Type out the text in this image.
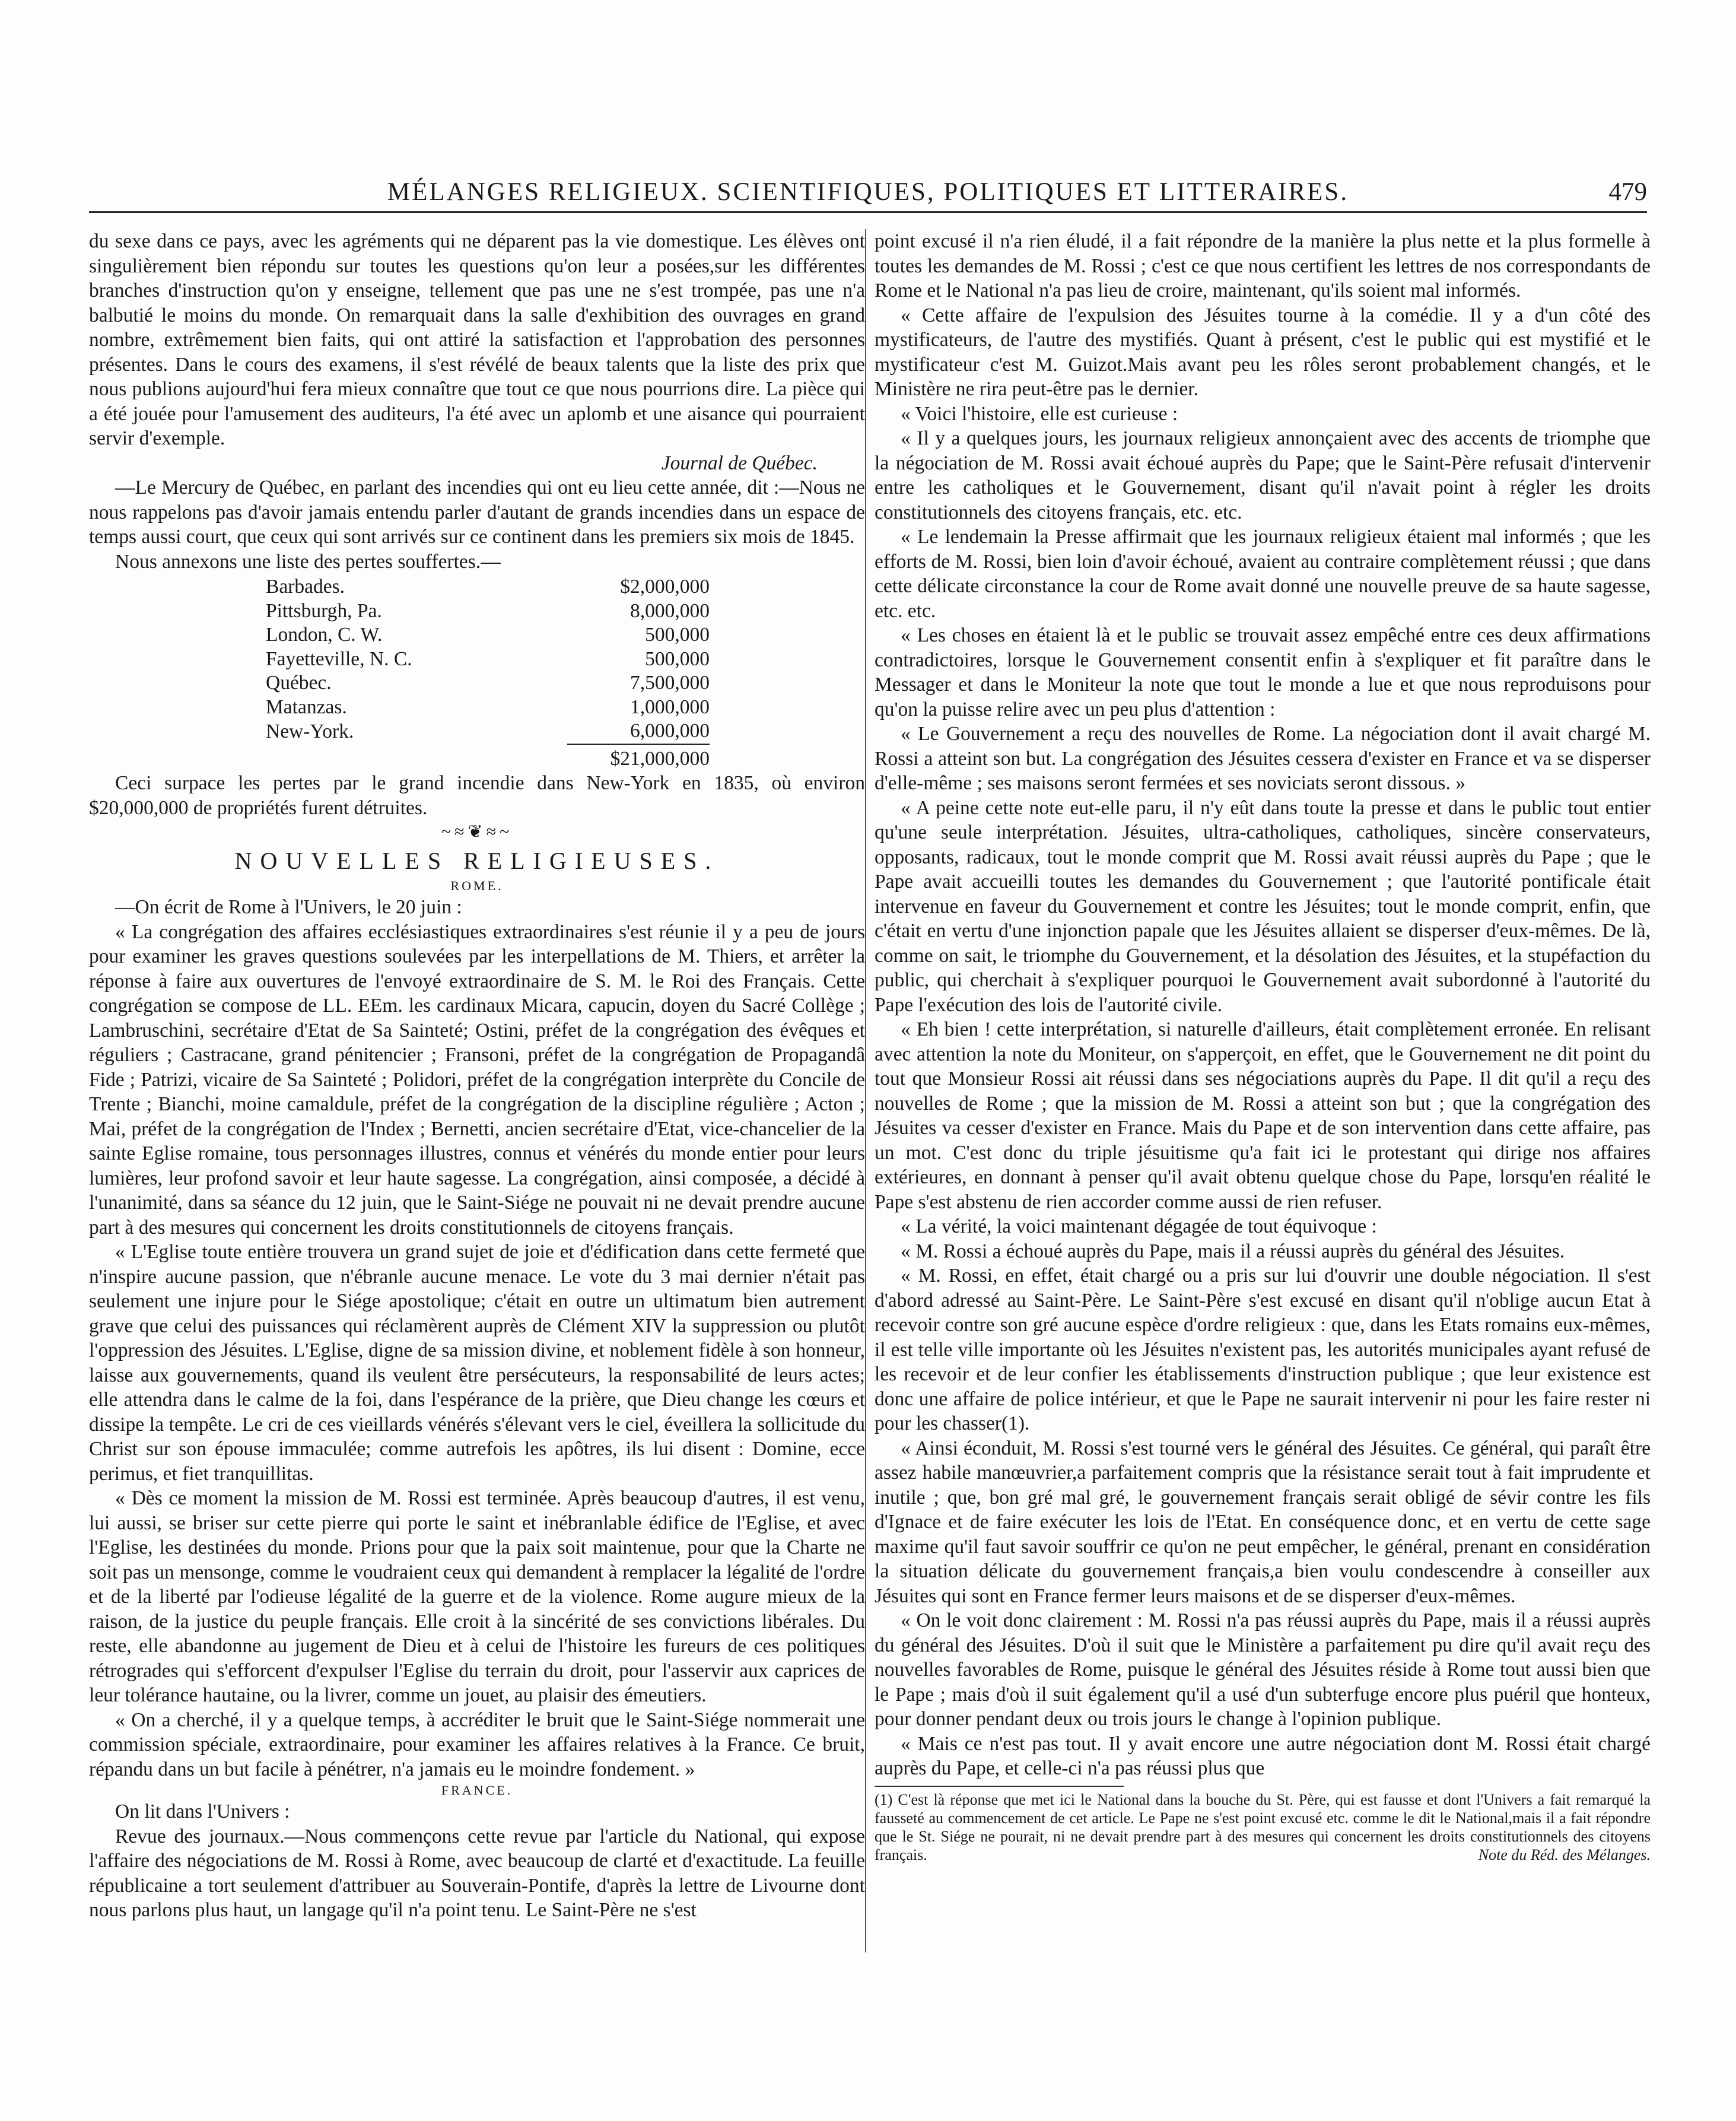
MÉLANGES RELIGIEUX. SCIENTIFIQUES, POLITIQUES ET LITTERAIRES.	479

du sexe dans ce pays, avec les agréments qui ne déparent pas la vie domestique. Les élèves ont singulièrement bien répondu sur toutes les questions qu'on leur a posées,sur les différentes branches d'instruction qu'on y enseigne, tellement que pas une ne s'est trompée, pas une n'a balbutié le moins du monde. On remarquait dans la salle d'exhibition des ouvrages en grand nombre, extrêmement bien faits, qui ont attiré la satisfaction et l'approbation des personnes présentes. Dans le cours des examens, il s'est révélé de beaux talents que la liste des prix que nous publions aujourd'hui fera mieux connaître que tout ce que nous pourrions dire. La pièce qui a été jouée pour l'amusement des auditeurs, l'a été avec un aplomb et une aisance qui pourraient servir d'exemple.

Journal de Québec.

—Le Mercury de Québec, en parlant des incendies qui ont eu lieu cette année, dit :—Nous ne nous rappelons pas d'avoir jamais entendu parler d'autant de grands incendies dans un espace de temps aussi court, que ceux qui sont arrivés sur ce continent dans les premiers six mois de 1845.

Nous annexons une liste des pertes souffertes.—

Barbades.	$2,000,000
Pittsburgh, Pa.	8,000,000
London, C. W.	500,000
Fayetteville, N. C.	500,000
Québec.	7,500,000
Matanzas.	1,000,000
New-York.	6,000,000
	$21,000,000

Ceci surpace les pertes par le grand incendie dans New-York en 1835, où environ $20,000,000 de propriétés furent détruites.

~≈❦≈~
NOUVELLES RELIGIEUSES.
ROME.

—On écrit de Rome à l'Univers, le 20 juin :

« La congrégation des affaires ecclésiastiques extraordinaires s'est réunie il y a peu de jours pour examiner les graves questions soulevées par les interpellations de M. Thiers, et arrêter la réponse à faire aux ouvertures de l'envoyé extraordinaire de S. M. le Roi des Français. Cette congrégation se compose de LL. EEm. les cardinaux Micara, capucin, doyen du Sacré Collège ; Lambruschini, secrétaire d'Etat de Sa Sainteté; Ostini, préfet de la congrégation des évêques et réguliers ; Castracane, grand pénitencier ; Fransoni, préfet de la congrégation de Propagandâ Fide ; Patrizi, vicaire de Sa Sainteté ; Polidori, préfet de la congrégation interprète du Concile de Trente ; Bianchi, moine camaldule, préfet de la congrégation de la discipline régulière ; Acton ; Mai, préfet de la congrégation de l'Index ; Bernetti, ancien secrétaire d'Etat, vice-chancelier de la sainte Eglise romaine, tous personnages illustres, connus et vénérés du monde entier pour leurs lumières, leur profond savoir et leur haute sagesse. La congrégation, ainsi composée, a décidé à l'unanimité, dans sa séance du 12 juin, que le Saint-Siége ne pouvait ni ne devait prendre aucune part à des mesures qui concernent les droits constitutionnels de citoyens français.

« L'Eglise toute entière trouvera un grand sujet de joie et d'édification dans cette fermeté que n'inspire aucune passion, que n'ébranle aucune menace. Le vote du 3 mai dernier n'était pas seulement une injure pour le Siége apostolique; c'était en outre un ultimatum bien autrement grave que celui des puissances qui réclamèrent auprès de Clément XIV la suppression ou plutôt l'oppression des Jésuites. L'Eglise, digne de sa mission divine, et noblement fidèle à son honneur, laisse aux gouvernements, quand ils veulent être persécuteurs, la responsabilité de leurs actes; elle attendra dans le calme de la foi, dans l'espérance de la prière, que Dieu change les cœurs et dissipe la tempête. Le cri de ces vieillards vénérés s'élevant vers le ciel, éveillera la sollicitude du Christ sur son épouse immaculée; comme autrefois les apôtres, ils lui disent : Domine, ecce perimus, et fiet tranquillitas.

« Dès ce moment la mission de M. Rossi est terminée. Après beaucoup d'autres, il est venu, lui aussi, se briser sur cette pierre qui porte le saint et inébranlable édifice de l'Eglise, et avec l'Eglise, les destinées du monde. Prions pour que la paix soit maintenue, pour que la Charte ne soit pas un mensonge, comme le voudraient ceux qui demandent à remplacer la légalité de l'ordre et de la liberté par l'odieuse légalité de la guerre et de la violence. Rome augure mieux de la raison, de la justice du peuple français. Elle croit à la sincérité de ses convictions libérales. Du reste, elle abandonne au jugement de Dieu et à celui de l'histoire les fureurs de ces politiques rétrogrades qui s'efforcent d'expulser l'Eglise du terrain du droit, pour l'asservir aux caprices de leur tolérance hautaine, ou la livrer, comme un jouet, au plaisir des émeutiers.

« On a cherché, il y a quelque temps, à accréditer le bruit que le Saint-Siége nommerait une commission spéciale, extraordinaire, pour examiner les affaires relatives à la France. Ce bruit, répandu dans un but facile à pénétrer, n'a jamais eu le moindre fondement. »

FRANCE.

On lit dans l'Univers :

Revue des journaux.—Nous commençons cette revue par l'article du National, qui expose l'affaire des négociations de M. Rossi à Rome, avec beaucoup de clarté et d'exactitude. La feuille républicaine a tort seulement d'attribuer au Souverain-Pontife, d'après la lettre de Livourne dont nous parlons plus haut, un langage qu'il n'a point tenu. Le Saint-Père ne s'est

point excusé il n'a rien éludé, il a fait répondre de la manière la plus nette et la plus formelle à toutes les demandes de M. Rossi ; c'est ce que nous certifient les lettres de nos correspondants de Rome et le National n'a pas lieu de croire, maintenant, qu'ils soient mal informés.

« Cette affaire de l'expulsion des Jésuites tourne à la comédie. Il y a d'un côté des mystificateurs, de l'autre des mystifiés. Quant à présent, c'est le public qui est mystifié et le mystificateur c'est M. Guizot.Mais avant peu les rôles seront probablement changés, et le Ministère ne rira peut-être pas le dernier.

« Voici l'histoire, elle est curieuse :

« Il y a quelques jours, les journaux religieux annonçaient avec des accents de triomphe que la négociation de M. Rossi avait échoué auprès du Pape; que le Saint-Père refusait d'intervenir entre les catholiques et le Gouvernement, disant qu'il n'avait point à régler les droits constitutionnels des citoyens français, etc. etc.

« Le lendemain la Presse affirmait que les journaux religieux étaient mal informés ; que les efforts de M. Rossi, bien loin d'avoir échoué, avaient au contraire complètement réussi ; que dans cette délicate circonstance la cour de Rome avait donné une nouvelle preuve de sa haute sagesse, etc. etc.

« Les choses en étaient là et le public se trouvait assez empêché entre ces deux affirmations contradictoires, lorsque le Gouvernement consentit enfin à s'expliquer et fit paraître dans le Messager et dans le Moniteur la note que tout le monde a lue et que nous reproduisons pour qu'on la puisse relire avec un peu plus d'attention :

« Le Gouvernement a reçu des nouvelles de Rome. La négociation dont il avait chargé M. Rossi a atteint son but. La congrégation des Jésuites cessera d'exister en France et va se disperser d'elle-même ; ses maisons seront fermées et ses noviciats seront dissous. »

« A peine cette note eut-elle paru, il n'y eût dans toute la presse et dans le public tout entier qu'une seule interprétation. Jésuites, ultra-catholiques, catholiques, sincère conservateurs, opposants, radicaux, tout le monde comprit que M. Rossi avait réussi auprès du Pape ; que le Pape avait accueilli toutes les demandes du Gouvernement ; que l'autorité pontificale était intervenue en faveur du Gouvernement et contre les Jésuites; tout le monde comprit, enfin, que c'était en vertu d'une injonction papale que les Jésuites allaient se disperser d'eux-mêmes. De là, comme on sait, le triomphe du Gouvernement, et la désolation des Jésuites, et la stupéfaction du public, qui cherchait à s'expliquer pourquoi le Gouvernement avait subordonné à l'autorité du Pape l'exécution des lois de l'autorité civile.

« Eh bien ! cette interprétation, si naturelle d'ailleurs, était complètement erronée. En relisant avec attention la note du Moniteur, on s'apperçoit, en effet, que le Gouvernement ne dit point du tout que Monsieur Rossi ait réussi dans ses négociations auprès du Pape. Il dit qu'il a reçu des nouvelles de Rome ; que la mission de M. Rossi a atteint son but ; que la congrégation des Jésuites va cesser d'exister en France. Mais du Pape et de son intervention dans cette affaire, pas un mot. C'est donc du triple jésuitisme qu'a fait ici le protestant qui dirige nos affaires extérieures, en donnant à penser qu'il avait obtenu quelque chose du Pape, lorsqu'en réalité le Pape s'est abstenu de rien accorder comme aussi de rien refuser.

« La vérité, la voici maintenant dégagée de tout équivoque :

« M. Rossi a échoué auprès du Pape, mais il a réussi auprès du général des Jésuites.

« M. Rossi, en effet, était chargé ou a pris sur lui d'ouvrir une double négociation. Il s'est d'abord adressé au Saint-Père. Le Saint-Père s'est excusé en disant qu'il n'oblige aucun Etat à recevoir contre son gré aucune espèce d'ordre religieux : que, dans les Etats romains eux-mêmes, il est telle ville importante où les Jésuites n'existent pas, les autorités municipales ayant refusé de les recevoir et de leur confier les établissements d'instruction publique ; que leur existence est donc une affaire de police intérieur, et que le Pape ne saurait intervenir ni pour les faire rester ni pour les chasser(1).

« Ainsi éconduit, M. Rossi s'est tourné vers le général des Jésuites. Ce général, qui paraît être assez habile manœuvrier,a parfaitement compris que la résistance serait tout à fait imprudente et inutile ; que, bon gré mal gré, le gouvernement français serait obligé de sévir contre les fils d'Ignace et de faire exécuter les lois de l'Etat. En conséquence donc, et en vertu de cette sage maxime qu'il faut savoir souffrir ce qu'on ne peut empêcher, le général, prenant en considération la situation délicate du gouvernement français,a bien voulu condescendre à conseiller aux Jésuites qui sont en France fermer leurs maisons et de se disperser d'eux-mêmes.

« On le voit donc clairement : M. Rossi n'a pas réussi auprès du Pape, mais il a réussi auprès du général des Jésuites. D'où il suit que le Ministère a parfaitement pu dire qu'il avait reçu des nouvelles favorables de Rome, puisque le général des Jésuites réside à Rome tout aussi bien que le Pape ; mais d'où il suit également qu'il a usé d'un subterfuge encore plus puéril que honteux, pour donner pendant deux ou trois jours le change à l'opinion publique.

« Mais ce n'est pas tout. Il y avait encore une autre négociation dont M. Rossi était chargé auprès du Pape, et celle-ci n'a pas réussi plus que

(1) C'est là réponse que met ici le National dans la bouche du St. Père, qui est fausse et dont l'Univers a fait remarqué la fausseté au commencement de cet article. Le Pape ne s'est point excusé etc. comme le dit le National,mais il a fait répondre que le St. Siége ne pourait, ni ne devait prendre part à des mesures qui concernent les droits constitutionnels des citoyens français.	Note du Réd. des Mélanges.
